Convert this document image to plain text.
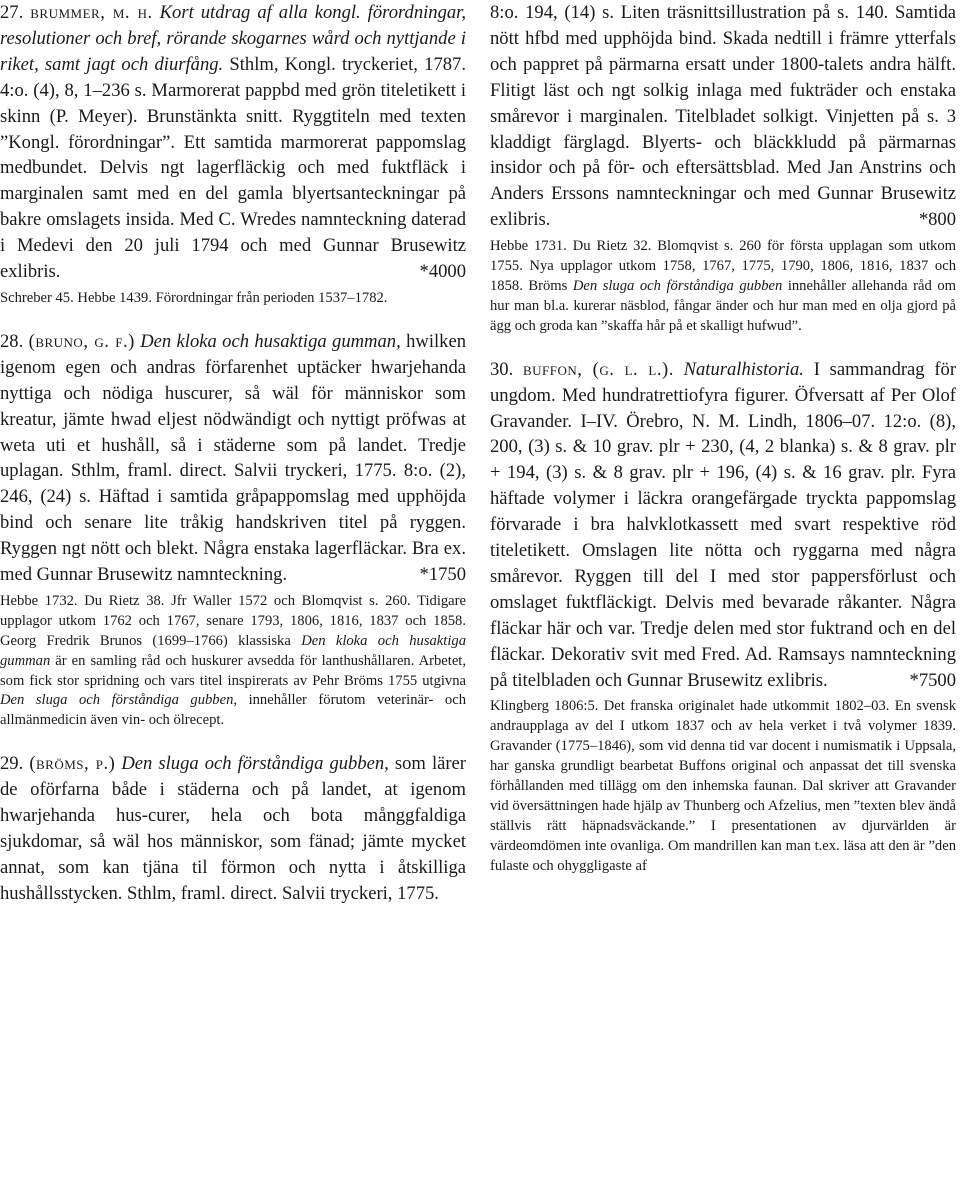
27. brummer, m. h. Kort utdrag af alla kongl. förordningar, resolutioner och bref, rörande skogarnes wård och nyttjande i riket, samt jagt och diurfång. Sthlm, Kongl. tryckeriet, 1787. 4:o. (4), 8, 1–236 s. Marmorerat pappbd med grön titeletikett i skinn (P. Meyer). Brunstänkta snitt. Ryggtiteln med texten ”Kongl. förordningar”. Ett samtida marmorerat pappomslag medbundet. Delvis ngt lagerfläckig och med fuktfläck i marginalen samt med en del gamla blyertsanteckningar på bakre omslagets insida. Med C. Wredes namnteckning daterad i Medevi den 20 juli 1794 och med Gunnar Brusewitz exlibris.	*4000

Schreber 45. Hebbe 1439. Förordningar från perioden 1537–1782.

28. (bruno, g. f.) Den kloka och husaktiga gumman, hwilken igenom egen och andras förfarenhet uptäcker hwarjehanda nyttiga och nödiga huscurer, så wäl för människor som kreatur, jämte hwad eljest nödwändigt och nyttigt pröfwas at weta uti et hushåll, så i städerne som på landet. Tredje uplagan. Sthlm, framl. direct. Salvii tryckeri, 1775. 8:o. (2), 246, (24) s. Häftad i samtida gråpappomslag med upphöjda bind och senare lite tråkig handskriven titel på ryggen. Ryggen ngt nött och blekt. Några enstaka lagerfläckar. Bra ex. med Gunnar Brusewitz namnteckning.	*1750

Hebbe 1732. Du Rietz 38. Jfr Waller 1572 och Blomqvist s. 260. Tidigare upplagor utkom 1762 och 1767, senare 1793, 1806, 1816, 1837 och 1858. Georg Fredrik Brunos (1699–1766) klassiska Den kloka och husaktiga gumman är en samling råd och huskurer avsedda för lanthushållaren. Arbetet, som fick stor spridning och vars titel inspirerats av Pehr Bröms 1755 utgivna Den sluga och förståndiga gubben, innehåller förutom veterinär- och allmänmedicin även vin- och ölrecept.

29. (bröms, p.) Den sluga och förståndiga gubben, som lärer de oförfarna både i städerna och på landet, at igenom hwarjehanda hus-curer, hela och bota månggfaldiga sjukdomar, så wäl hos människor, som fänad; jämte mycket annat, som kan tjäna til förmon och nytta i åtskilliga hushållsstycken. Sthlm, framl. direct. Salvii tryckeri, 1775.

8:o. 194, (14) s. Liten träsnittsillustration på s. 140. Samtida nött hfbd med upphöjda bind. Skada nedtill i främre ytterfals och pappret på pärmarna ersatt under 1800-talets andra hälft. Flitigt läst och ngt solkig inlaga med fukträder och enstaka smårevor i marginalen. Titelbladet solkigt. Vinjetten på s. 3 kladdigt färglagd. Blyerts- och bläckkludd på pärmarnas insidor och på för- och eftersättsblad. Med Jan Anstrins och Anders Erssons namnteckningar och med Gunnar Brusewitz exlibris.	*800

Hebbe 1731. Du Rietz 32. Blomqvist s. 260 för första upplagan som utkom 1755. Nya upplagor utkom 1758, 1767, 1775, 1790, 1806, 1816, 1837 och 1858. Bröms Den sluga och förståndiga gubben innehåller allehanda råd om hur man bl.a. kurerar näsblod, fångar änder och hur man med en olja gjord på ägg och groda kan ”skaffa hår på et skalligt hufwud”.

30. buffon, (g. l. l.). Naturalhistoria. I sammandrag för ungdom. Med hundratrettiofyra figurer. Öfversatt af Per Olof Gravander. I–IV. Örebro, N. M. Lindh, 1806–07. 12:o. (8), 200, (3) s. & 10 grav. plr + 230, (4, 2 blanka) s. & 8 grav. plr + 194, (3) s. & 8 grav. plr + 196, (4) s. & 16 grav. plr. Fyra häftade volymer i läckra orangefärgade tryckta pappomslag förvarade i bra halvklotkassett med svart respektive röd titeletikett. Omslagen lite nötta och ryggarna med några smårevor. Ryggen till del I med stor pappersförlust och omslaget fuktfläckigt. Delvis med bevarade råkanter. Några fläckar här och var. Tredje delen med stor fuktrand och en del fläckar. Dekorativ svit med Fred. Ad. Ramsays namnteckning på titelbladen och Gunnar Brusewitz exlibris.	*7500

Klingberg 1806:5. Det franska originalet hade utkommit 1802–03. En svensk andraupplaga av del I utkom 1837 och av hela verket i två volymer 1839. Gravander (1775–1846), som vid denna tid var docent i numismatik i Uppsala, har ganska grundligt bearbetat Buffons original och anpassat det till svenska förhållanden med tillägg om den inhemska faunan. Dal skriver att Gravander vid översättningen hade hjälp av Thunberg och Afzelius, men ”texten blev ändå ställvis rätt häpnadsväckande.” I presentationen av djurvärlden är värdeomdömen inte ovanliga. Om mandrillen kan man t.ex. läsa att den är ”den fulaste och ohyggligaste af
